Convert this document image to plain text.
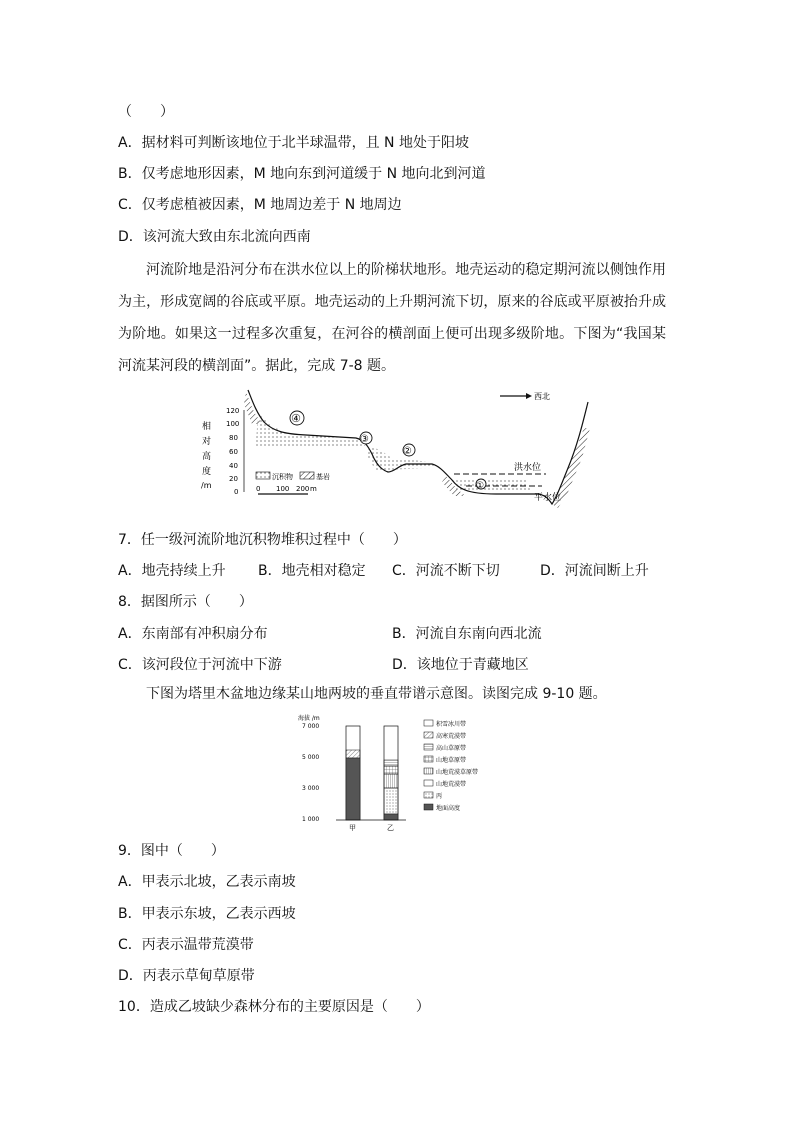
（　　）
A．据材料可判断该地位于北半球温带，且 N 地处于阳坡
B．仅考虑地形因素，M 地向东到河道缓于 N 地向北到河道
C．仅考虑植被因素，M 地周边差于 N 地周边
D．该河流大致由东北流向西南
河流阶地是沿河分布在洪水位以上的阶梯状地形。地壳运动的稳定期河流以侧蚀作用为主，形成宽阔的谷底或平原。地壳运动的上升期河流下切，原来的谷底或平原被抬升成为阶地。如果这一过程多次重复，在河谷的横剖面上便可出现多级阶地。下图为“我国某河流某河段的横剖面”。据此，完成 7-8 题。
相
对
高
度
/m
120
100
80
60
40
20
0
洪水位
平水位
④
③
②
①
西北
沉积物	基岩
0 100 200 m
7．任一级河流阶地沉积物堆积过程中（　　）
A．地壳持续上升 B．地壳相对稳定 C．河流不断下切	D．河流间断上升
8．据图所示（　　）
A．东南部有冲积扇分布	B．河流自东南向西北流
C．该河段位于河流中下游	D．该地位于青藏地区
下图为塔里木盆地边缘某山地两坡的垂直带谱示意图。读图完成 9-10 题。
海拔 /m
7 000
5 000
3 000
1 000
甲	乙
积雪冰川带
高寒荒漠带
高山草原带
山地草原带
山地荒漠草原带
山地荒漠带
丙
地面高度
9．图中（　　）
A．甲表示北坡，乙表示南坡
B．甲表示东坡，乙表示西坡
C．丙表示温带荒漠带
D．丙表示草甸草原带
10．造成乙坡缺少森林分布的主要原因是（　　）
